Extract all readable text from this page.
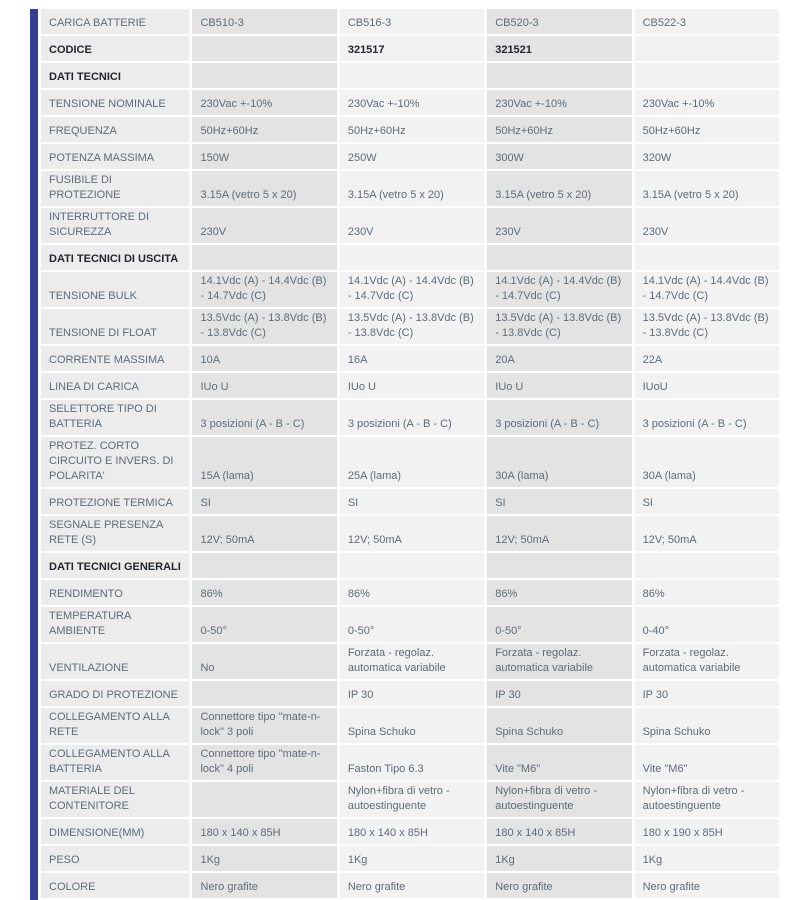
CARICA BATTERIE	CB510-3	CB516-3	CB520-3	CB522-3
CODICE		321517	321521	
DATI TECNICI				
TENSIONE NOMINALE	230Vac +-10%	230Vac +-10%	230Vac +-10%	230Vac +-10%
FREQUENZA	50Hz+60Hz	50Hz+60Hz	50Hz+60Hz	50Hz+60Hz
POTENZA MASSIMA	150W	250W	300W	320W
FUSIBILE DI PROTEZIONE	3.15A (vetro 5 x 20)	3.15A (vetro 5 x 20)	3.15A (vetro 5 x 20)	3.15A (vetro 5 x 20)
INTERRUTTORE DI SICUREZZA	230V	230V	230V	230V
DATI TECNICI DI USCITA				
TENSIONE BULK	14.1Vdc (A) - 14.4Vdc (B) - 14.7Vdc (C)	14.1Vdc (A) - 14.4Vdc (B) - 14.7Vdc (C)	14.1Vdc (A) - 14.4Vdc (B) - 14.7Vdc (C)	14.1Vdc (A) - 14.4Vdc (B) - 14.7Vdc (C)
TENSIONE DI FLOAT	13.5Vdc (A) - 13.8Vdc (B) - 13.8Vdc (C)	13.5Vdc (A) - 13.8Vdc (B) - 13.8Vdc (C)	13.5Vdc (A) - 13.8Vdc (B) - 13.8Vdc (C)	13.5Vdc (A) - 13.8Vdc (B) - 13.8Vdc (C)
CORRENTE MASSIMA	10A	16A	20A	22A
LINEA DI CARICA	IUo U	IUo U	IUo U	IUoU
SELETTORE TIPO DI BATTERIA	3 posizioni (A - B - C)	3 posizioni (A - B - C)	3 posizioni (A - B - C)	3 posizioni (A - B - C)
PROTEZ. CORTO CIRCUITO E INVERS. DI POLARITA'	15A (lama)	25A (lama)	30A (lama)	30A (lama)
PROTEZIONE TERMICA	SI	SI	SI	SI
SEGNALE PRESENZA RETE (S)	12V; 50mA	12V; 50mA	12V; 50mA	12V; 50mA
DATI TECNICI GENERALI				
RENDIMENTO	86%	86%	86%	86%
TEMPERATURA AMBIENTE	0-50°	0-50°	0-50°	0-40°
VENTILAZIONE	No	Forzata - regolaz. automatica variabile	Forzata - regolaz. automatica variabile	Forzata - regolaz. automatica variabile
GRADO DI PROTEZIONE		IP 30	IP 30	IP 30
COLLEGAMENTO ALLA RETE	Connettore tipo "mate-n-lock" 3 poli	Spina Schuko	Spina Schuko	Spina Schuko
COLLEGAMENTO ALLA BATTERIA	Connettore tipo "mate-n-lock" 4 poli	Faston Tipo 6.3	Vite "M6"	Vite "M6"
MATERIALE DEL CONTENITORE		Nylon+fibra di vetro - autoestinguente	Nylon+fibra di vetro - autoestinguente	Nylon+fibra di vetro - autoestinguente
DIMENSIONE(MM)	180 x 140 x 85H	180 x 140 x 85H	180 x 140 x 85H	180 x 190 x 85H
PESO	1Kg	1Kg	1Kg	1Kg
COLORE	Nero grafite	Nero grafite	Nero grafite	Nero grafite
